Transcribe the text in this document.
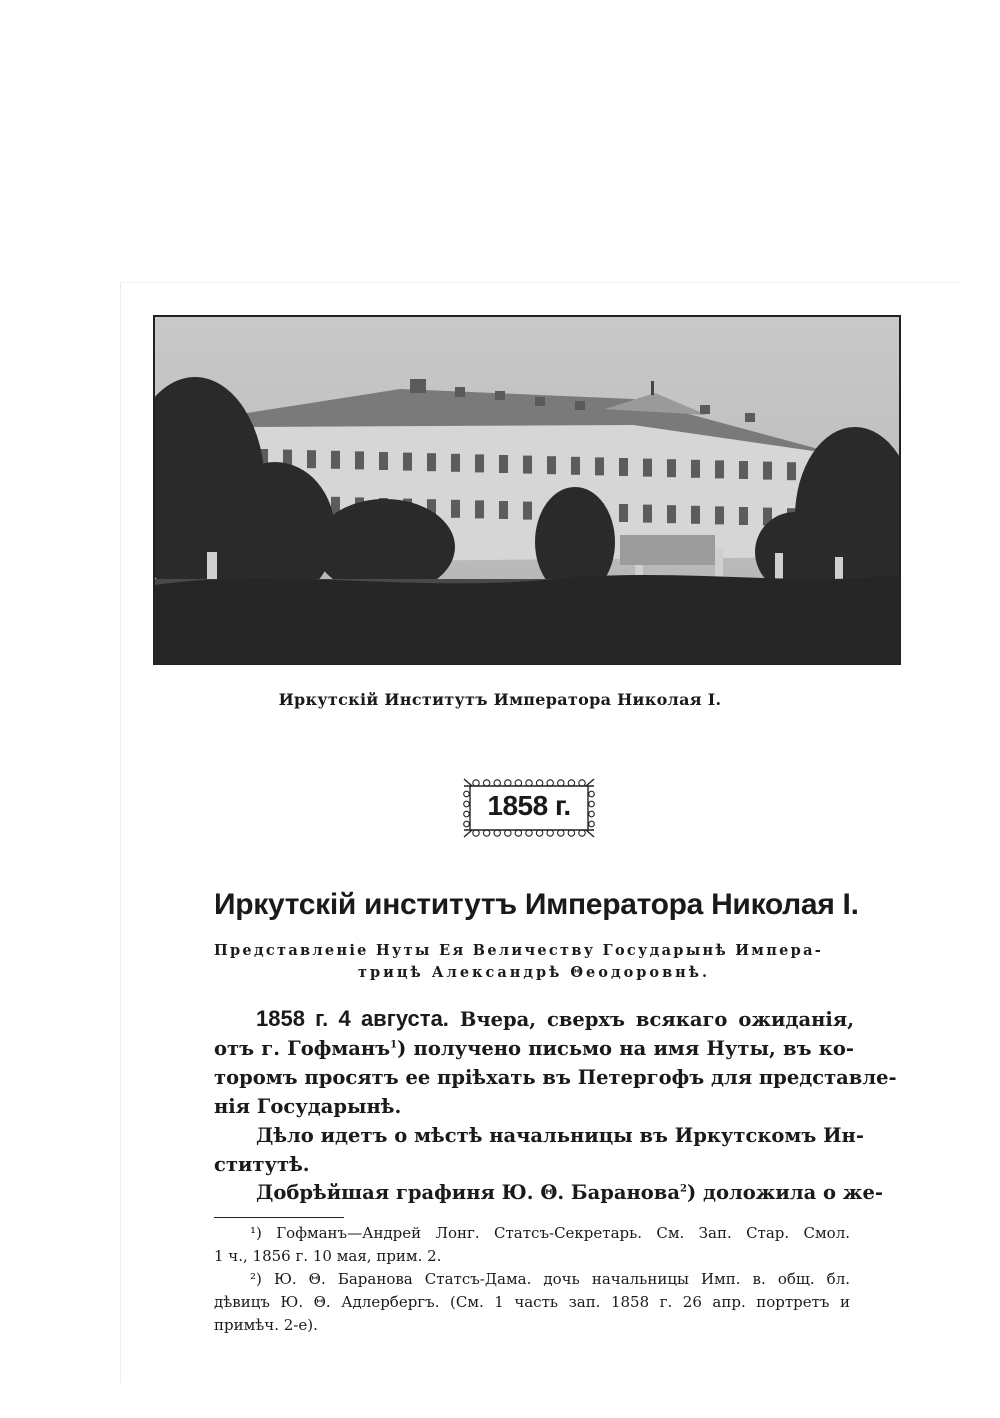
Иркутскій Институтъ Императора Николая I.
1858 г.
Иркутскій институтъ Императора Николая I.
Представленіе Нуты Ея Величеству Государынѣ Импера-
трицѣ Александрѣ Θеодоровнѣ.
1858 г. 4 августа. Вчера, сверхъ всякаго ожиданія,
отъ г. Гофманъ$^1$) получено письмо на имя Нуты, въ ко-
торомъ просятъ ее пріѣхать въ Петергофъ для представле-
нія Государынѣ.
Дѣло идетъ о мѣстѣ начальницы въ Иркутскомъ Ин-
ститутѣ.
Добрѣйшая графиня Ю. Θ. Баранова$^2$) доложила о же-
¹) Гофманъ—Андрей Лонг. Статсъ-Секретарь. См. Зап. Стар. Смол.
1 ч., 1856 г. 10 мая, прим. 2.
²) Ю. Θ. Баранова Статсъ-Дама. дочь начальницы Имп. в. общ. бл.
дѣвицъ Ю. Θ. Адлербергъ. (См. 1 часть зап. 1858 г. 26 апр. портретъ и
примѣч. 2-е).
